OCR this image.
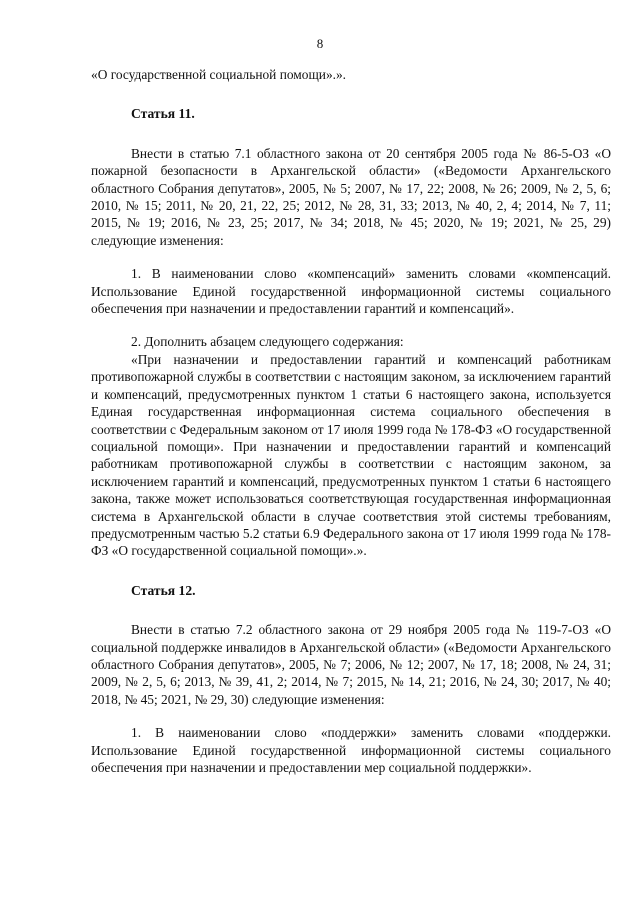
8

«О государственной социальной помощи».».

Статья 11.

Внести в статью 7.1 областного закона от 20 сентября 2005 года № 86-5-ОЗ «О пожарной безопасности в Архангельской области» («Ведомости Архангельского областного Собрания депутатов», 2005, № 5; 2007, № 17, 22; 2008, № 26; 2009, № 2, 5, 6; 2010, № 15; 2011, № 20, 21, 22, 25; 2012, № 28, 31, 33; 2013, № 40, 2, 4; 2014, № 7, 11; 2015, № 19; 2016, № 23, 25; 2017, № 34; 2018, № 45; 2020, № 19; 2021, № 25, 29) следующие изменения:

1. В наименовании слово «компенсаций» заменить словами «компенсаций. Использование Единой государственной информационной системы социального обеспечения при назначении и предоставлении гарантий и компенсаций».

2. Дополнить абзацем следующего содержания:

«При назначении и предоставлении гарантий и компенсаций работникам противопожарной службы в соответствии с настоящим законом, за исключением гарантий и компенсаций, предусмотренных пунктом 1 статьи 6 настоящего закона, используется Единая государственная информационная система социального обеспечения в соответствии с Федеральным законом от 17 июля 1999 года № 178-ФЗ «О государственной социальной помощи». При назначении и предоставлении гарантий и компенсаций работникам противопожарной службы в соответствии с настоящим законом, за исключением гарантий и компенсаций, предусмотренных пунктом 1 статьи 6 настоящего закона, также может использоваться соответствующая государственная информационная система в Архангельской области в случае соответствия этой системы требованиям, предусмотренным частью 5.2 статьи 6.9 Федерального закона от 17 июля 1999 года № 178-ФЗ «О государственной социальной помощи».».

Статья 12.

Внести в статью 7.2 областного закона от 29 ноября 2005 года № 119-7-ОЗ «О социальной поддержке инвалидов в Архангельской области» («Ведомости Архангельского областного Собрания депутатов», 2005, № 7; 2006, № 12; 2007, № 17, 18; 2008, № 24, 31; 2009, № 2, 5, 6; 2013, № 39, 41, 2; 2014, № 7; 2015, № 14, 21; 2016, № 24, 30; 2017, № 40; 2018, № 45; 2021, № 29, 30) следующие изменения:

1. В наименовании слово «поддержки» заменить словами «поддержки. Использование Единой государственной информационной системы социального обеспечения при назначении и предоставлении мер социальной поддержки».
